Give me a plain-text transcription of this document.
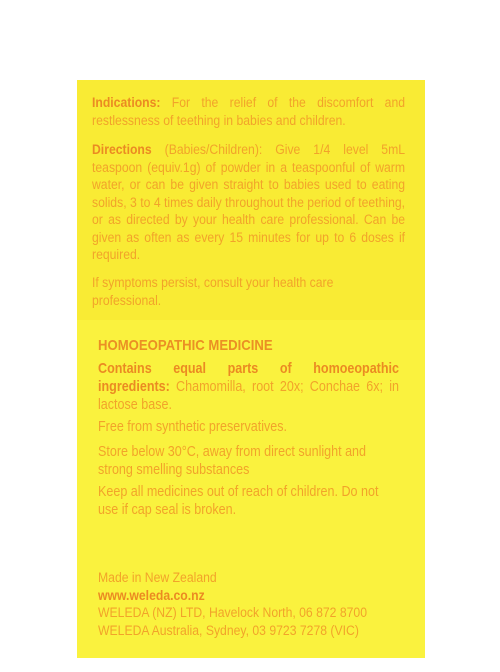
Indications: For the relief of the discomfort and restlessness of teething in babies and children.

Directions (Babies/Children): Give 1/4 level 5mL teaspoon (equiv.1g) of powder in a teaspoonful of warm water, or can be given straight to babies used to eating solids, 3 to 4 times daily throughout the period of teething, or as directed by your health care professional. Can be given as often as every 15 minutes for up to 6 doses if required.

If symptoms persist, consult your health care professional.

HOMOEOPATHIC MEDICINE

Contains equal parts of homoeopathic ingredients: Chamomilla, root 20x; Conchae 6x; in lactose base.

Free from synthetic preservatives.

Store below 30°C, away from direct sunlight and strong smelling substances

Keep all medicines out of reach of children. Do not use if cap seal is broken.

Made in New Zealand
www.weleda.co.nz
WELEDA (NZ) LTD, Havelock North, 06 872 8700
WELEDA Australia, Sydney, 03 9723 7278 (VIC)
